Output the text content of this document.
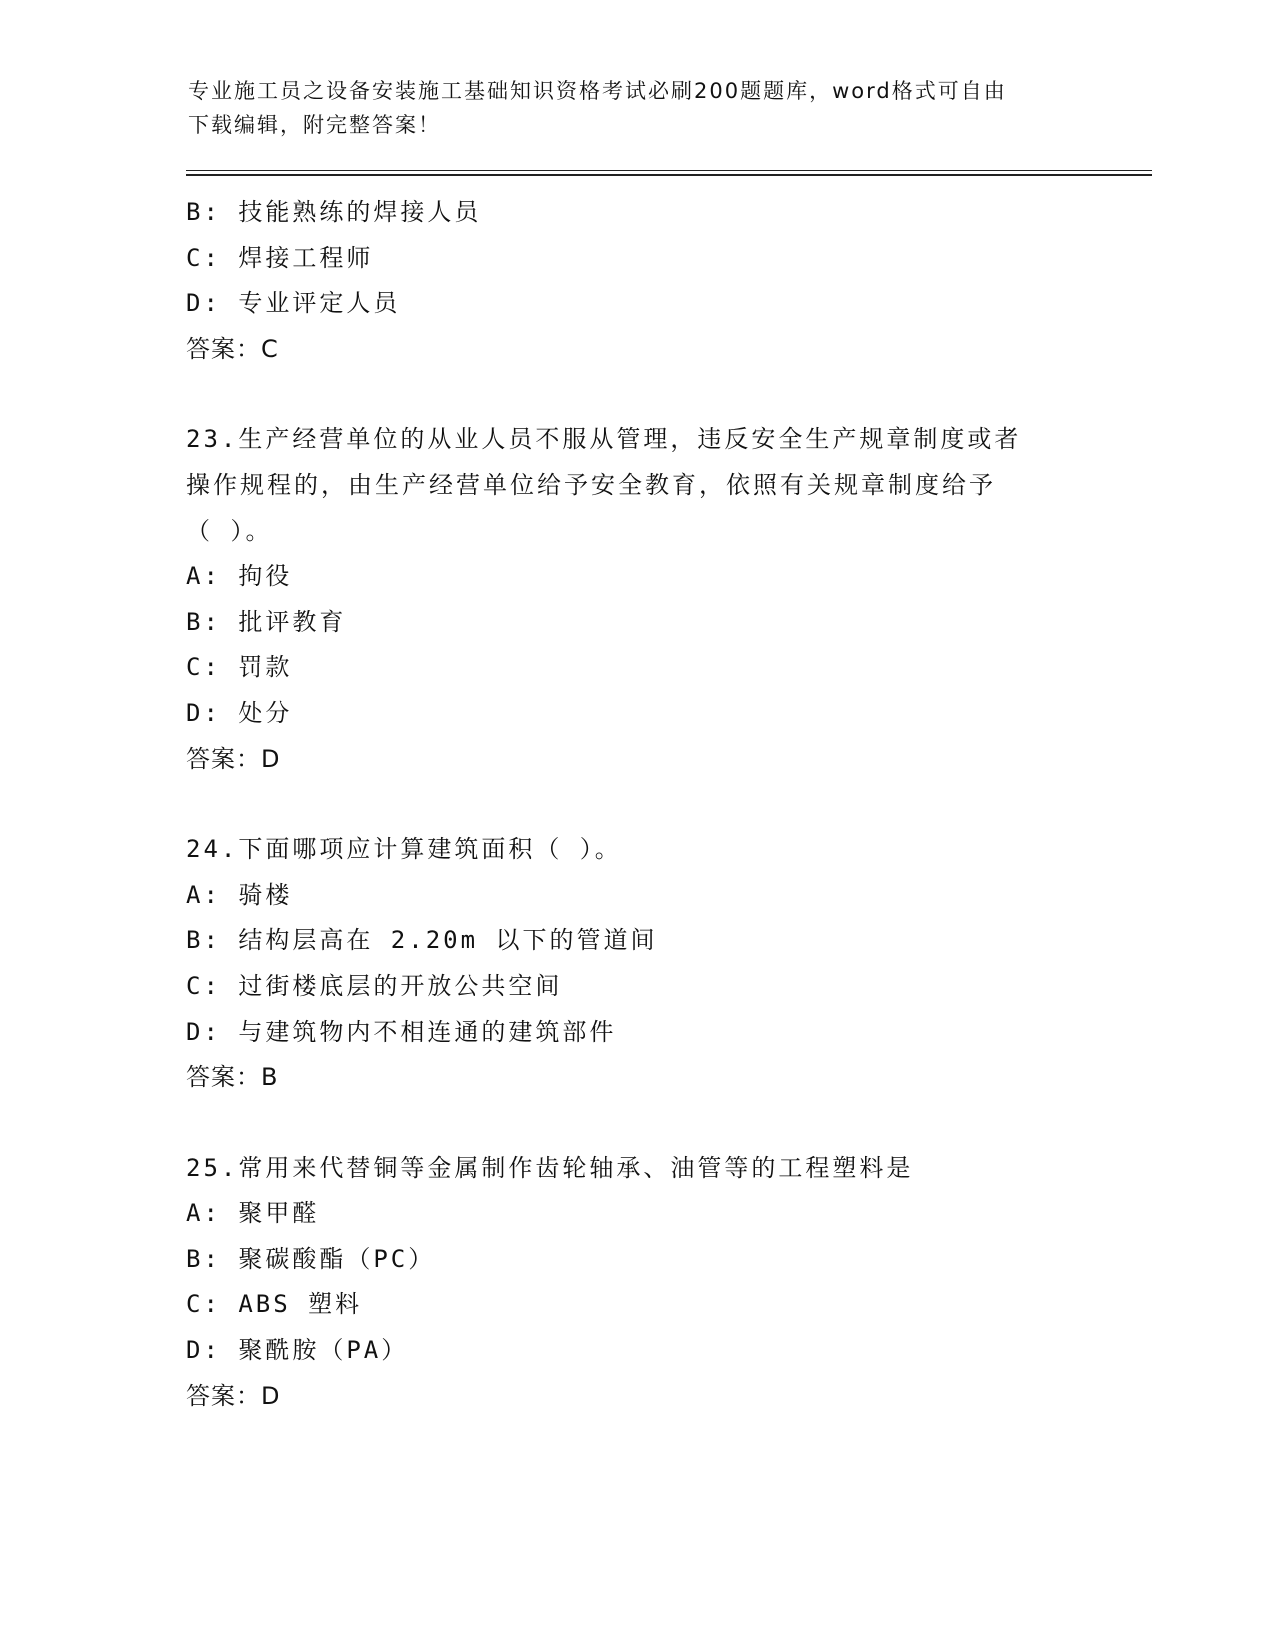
专业施工员之设备安装施工基础知识资格考试必刷200题题库，word格式可自由
下载编辑，附完整答案！
B: 技能熟练的焊接人员
C: 焊接工程师
D: 专业评定人员
答案：C
23.生产经营单位的从业人员不服从管理，违反安全生产规章制度或者
操作规程的，由生产经营单位给予安全教育，依照有关规章制度给予
（ ）。
A: 拘役
B: 批评教育
C: 罚款
D: 处分
答案：D
24.下面哪项应计算建筑面积（ ）。
A: 骑楼
B: 结构层高在 2.20m 以下的管道间
C: 过街楼底层的开放公共空间
D: 与建筑物内不相连通的建筑部件
答案：B
25.常用来代替铜等金属制作齿轮轴承、油管等的工程塑料是
A: 聚甲醛
B: 聚碳酸酯（PC）
C: ABS 塑料
D: 聚酰胺（PA）
答案：D
